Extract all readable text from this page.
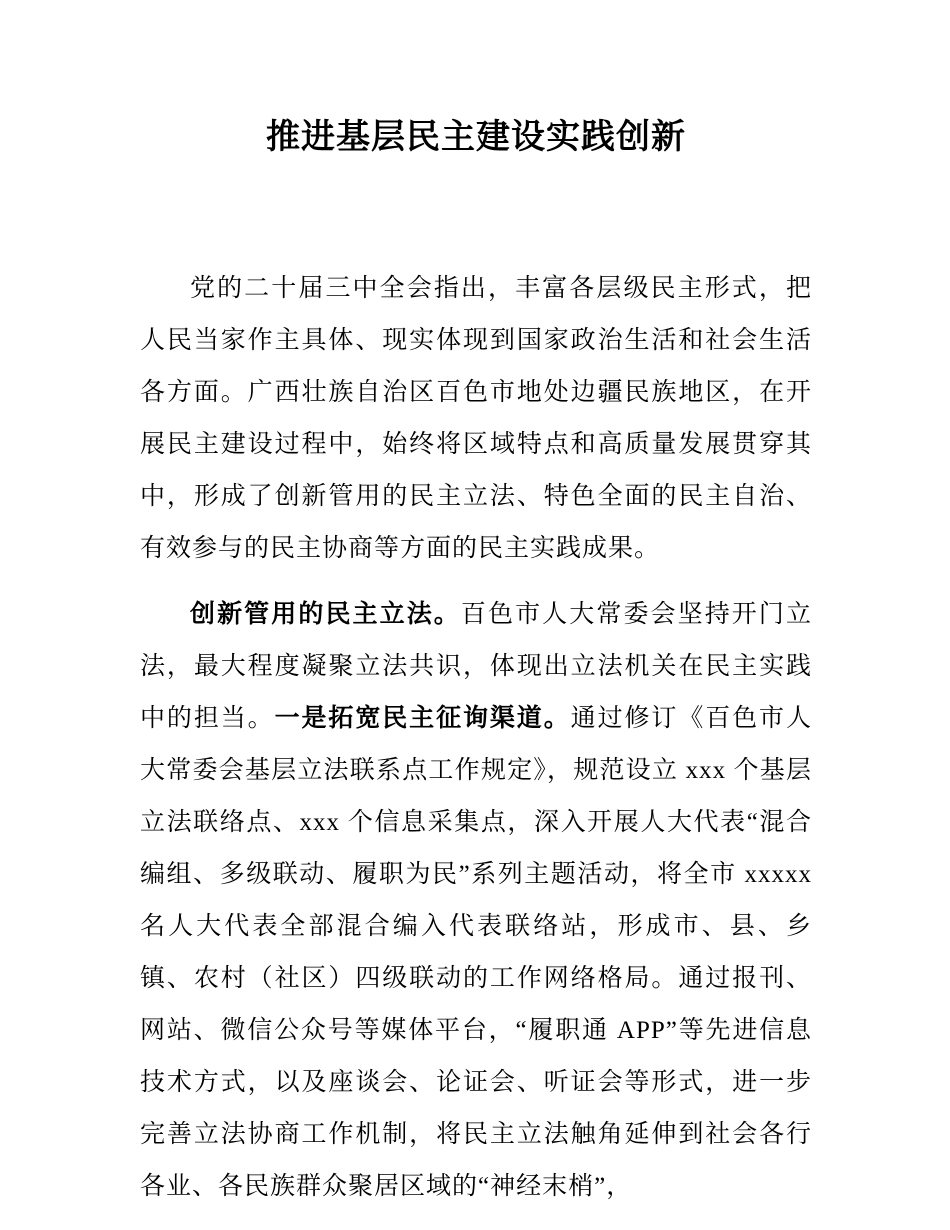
推进基层民主建设实践创新

党的二十届三中全会指出，丰富各层级民主形式，把人民当家作主具体、现实体现到国家政治生活和社会生活各方面。广西壮族自治区百色市地处边疆民族地区，在开展民主建设过程中，始终将区域特点和高质量发展贯穿其中，形成了创新管用的民主立法、特色全面的民主自治、有效参与的民主协商等方面的民主实践成果。

创新管用的民主立法。百色市人大常委会坚持开门立法，最大程度凝聚立法共识，体现出立法机关在民主实践中的担当。一是拓宽民主征询渠道。通过修订《百色市人大常委会基层立法联系点工作规定》，规范设立 xxx 个基层立法联络点、xxx 个信息采集点，深入开展人大代表“混合编组、多级联动、履职为民”系列主题活动，将全市 xxxxx 名人大代表全部混合编入代表联络站，形成市、县、乡镇、农村（社区）四级联动的工作网络格局。通过报刊、网站、微信公众号等媒体平台，“履职通 APP”等先进信息技术方式，以及座谈会、论证会、听证会等形式，进一步完善立法协商工作机制，将民主立法触角延伸到社会各行各业、各民族群众聚居区域的“神经末梢”，
